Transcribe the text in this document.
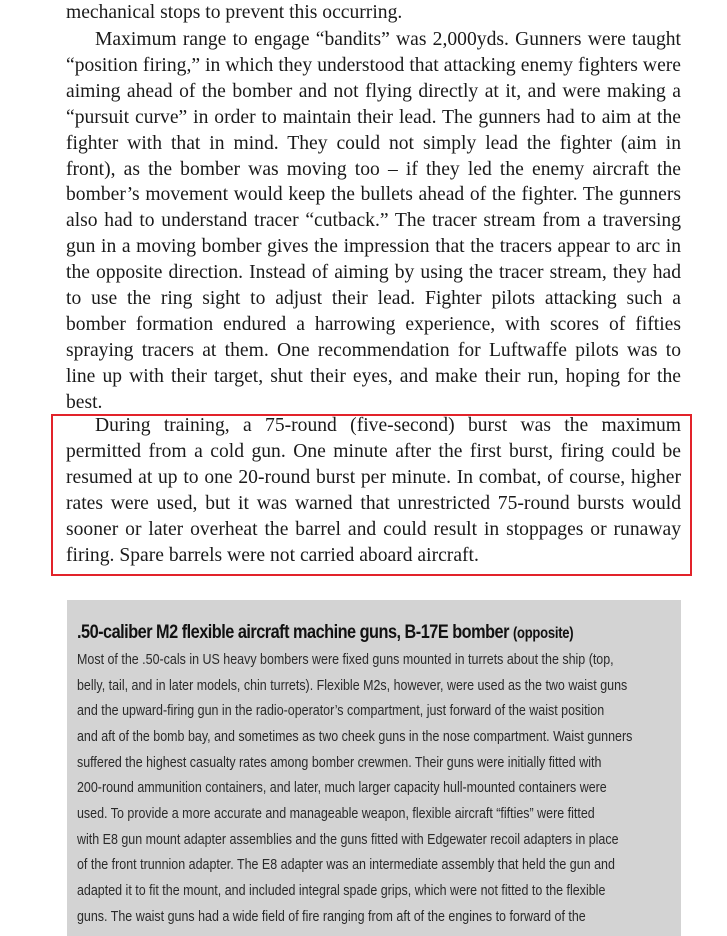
mechanical stops to prevent this occurring.

Maximum range to engage “bandits” was 2,000yds. Gunners were taught “position firing,” in which they understood that attacking enemy fighters were aiming ahead of the bomber and not flying directly at it, and were making a “pursuit curve” in order to maintain their lead. The gunners had to aim at the fighter with that in mind. They could not simply lead the fighter (aim in front), as the bomber was moving too – if they led the enemy aircraft the bomber’s movement would keep the bullets ahead of the fighter. The gunners also had to understand tracer “cutback.” The tracer stream from a traversing gun in a moving bomber gives the impression that the tracers appear to arc in the opposite direction. Instead of aiming by using the tracer stream, they had to use the ring sight to adjust their lead. Fighter pilots attacking such a bomber formation endured a harrowing experience, with scores of fifties spraying tracers at them. One recommendation for Luftwaffe pilots was to line up with their target, shut their eyes, and make their run, hoping for the best.

During training, a 75-round (five-second) burst was the maximum permitted from a cold gun. One minute after the first burst, firing could be resumed at up to one 20-round burst per minute. In combat, of course, higher rates were used, but it was warned that unrestricted 75-round bursts would sooner or later overheat the barrel and could result in stoppages or runaway firing. Spare barrels were not carried aboard aircraft.

.50-caliber M2 flexible aircraft machine guns, B-17E bomber (opposite)
Most of the .50-cals in US heavy bombers were fixed guns mounted in turrets about the ship (top,
belly, tail, and in later models, chin turrets). Flexible M2s, however, were used as the two waist guns
and the upward-firing gun in the radio-operator’s compartment, just forward of the waist position
and aft of the bomb bay, and sometimes as two cheek guns in the nose compartment. Waist gunners
suffered the highest casualty rates among bomber crewmen. Their guns were initially fitted with
200-round ammunition containers, and later, much larger capacity hull-mounted containers were
used. To provide a more accurate and manageable weapon, flexible aircraft “fifties” were fitted
with E8 gun mount adapter assemblies and the guns fitted with Edgewater recoil adapters in place
of the front trunnion adapter. The E8 adapter was an intermediate assembly that held the gun and
adapted it to fit the mount, and included integral spade grips, which were not fitted to the flexible
guns. The waist guns had a wide field of fire ranging from aft of the engines to forward of the
